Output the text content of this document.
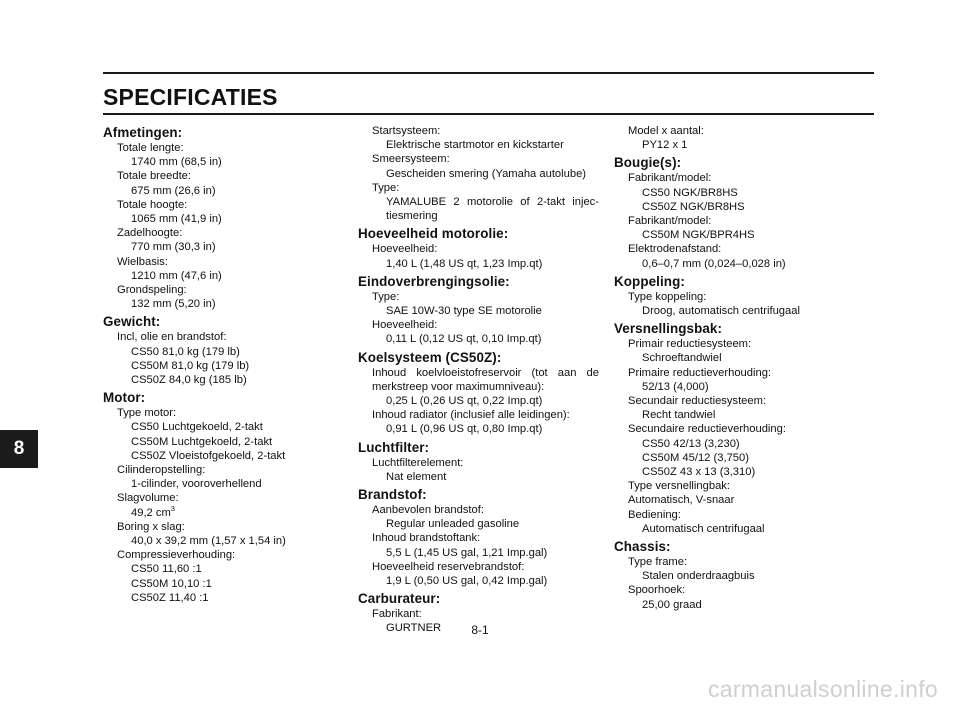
SPECIFICATIES
Afmetingen:
Totale lengte:
1740 mm (68,5 in)
Totale breedte:
675 mm (26,6 in)
Totale hoogte:
1065 mm (41,9 in)
Zadelhoogte:
770 mm (30,3 in)
Wielbasis:
1210 mm (47,6 in)
Grondspeling:
132 mm (5,20 in)
Gewicht:
Incl, olie en brandstof:
CS50 81,0 kg (179 lb)
CS50M 81,0 kg (179 lb)
CS50Z 84,0 kg (185 lb)
Motor:
Type motor:
CS50 Luchtgekoeld, 2-takt
CS50M Luchtgekoeld, 2-takt
CS50Z Vloeistofgekoeld, 2-takt
Cilinderopstelling:
1-cilinder, vooroverhellend
Slagvolume:
49,2 $cm^3$
Boring x slag:
40,0 x 39,2 mm (1,57 x 1,54 in)
Compressieverhouding:
CS50 11,60 :1
CS50M 10,10 :1
CS50Z 11,40 :1
Startsysteem:
Elektrische startmotor en kickstarter
Smeersysteem:
Gescheiden smering (Yamaha autolube)
Type:
YAMALUBE 2 motorolie of 2-takt injec-
tiesmering
Hoeveelheid motorolie:
Hoeveelheid:
1,40 L (1,48 US qt, 1,23 Imp.qt)
Eindoverbrengingsolie:
Type:
SAE 10W-30 type SE motorolie
Hoeveelheid:
0,11 L (0,12 US qt, 0,10 Imp.qt)
Koelsysteem (CS50Z):
Inhoud koelvloeistofreservoir (tot aan de
merkstreep voor maximumniveau):
0,25 L (0,26 US qt, 0,22 Imp.qt)
Inhoud radiator (inclusief alle leidingen):
0,91 L (0,96 US qt, 0,80 Imp.qt)
Luchtfilter:
Luchtfilterelement:
Nat element
Brandstof:
Aanbevolen brandstof:
Regular unleaded gasoline
Inhoud brandstoftank:
5,5 L (1,45 US gal, 1,21 Imp.gal)
Hoeveelheid reservebrandstof:
1,9 L (0,50 US gal, 0,42 Imp.gal)
Carburateur:
Fabrikant:
GURTNER
Model x aantal:
PY12 x 1
Bougie(s):
Fabrikant/model:
CS50 NGK/BR8HS
CS50Z NGK/BR8HS
Fabrikant/model:
CS50M NGK/BPR4HS
Elektrodenafstand:
0,6–0,7 mm (0,024–0,028 in)
Koppeling:
Type koppeling:
Droog, automatisch centrifugaal
Versnellingsbak:
Primair reductiesysteem:
Schroeftandwiel
Primaire reductieverhouding:
52/13 (4,000)
Secundair reductiesysteem:
Recht tandwiel
Secundaire reductieverhouding:
CS50 42/13 (3,230)
CS50M 45/12 (3,750)
CS50Z 43 x 13 (3,310)
Type versnellingbak:
Automatisch, V-snaar
Bediening:
Automatisch centrifugaal
Chassis:
Type frame:
Stalen onderdraagbuis
Spoorhoek:
25,00 graad
8
8-1
carmanualsonline.info
